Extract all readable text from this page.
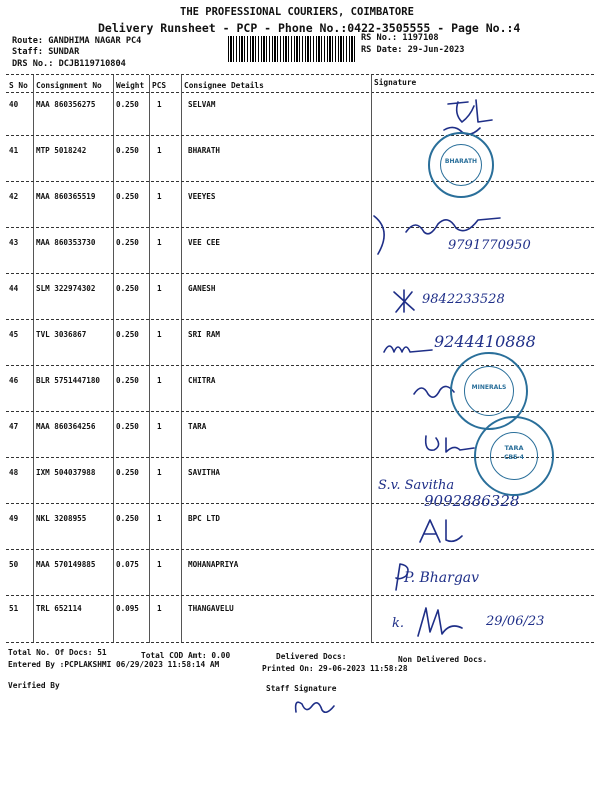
THE PROFESSIONAL COURIERS, COIMBATORE
Delivery Runsheet - PCP - Phone No.:0422-3505555 - Page No.:4
Route: GANDHIMA NAGAR PC4
Staff: SUNDAR
DRS No.: DCJB119710804
RS No.: 1197108
RS Date: 29-Jun-2023
S No Consignment No Weight PCS Consignee Details	Signature
40 MAA 860356275	0.250 1	SELVAM
41 MTP 5018242	0.250 1	BHARATH
42 MAA 860365519	0.250 1	VEEYES
43 MAA 860353730	0.250 1	VEE CEE
44 SLM 322974302	0.250 1	GANESH
45 TVL 3036867	0.250 1	SRI RAM
46 BLR 5751447180 0.250 1	CHITRA
47 MAA 860364256	0.250 1	TARA
48 IXM 504037988	0.250 1	SAVITHA
49 NKL 3208955	0.250 1	BPC LTD
50 MAA 570149885	0.075 1	MOHANAPRIYA
51 TRL 652114	0.095 1	THANGAVELU
9791770950
9842233528
9244410888
S.v. Savitha
9092886328
P. Bhargav
k.	29/06/23
BHARATH
MINERALS
TARA
CBE-4
Total No. Of Docs: 51	Total COD Amt: 0.00	Delivered Docs:	Non Delivered Docs.
Entered By :PCPLAKSHMI 06/29/2023 11:58:14 AM	Printed On: 29-06-2023 11:58:28
Verified By	Staff Signature
